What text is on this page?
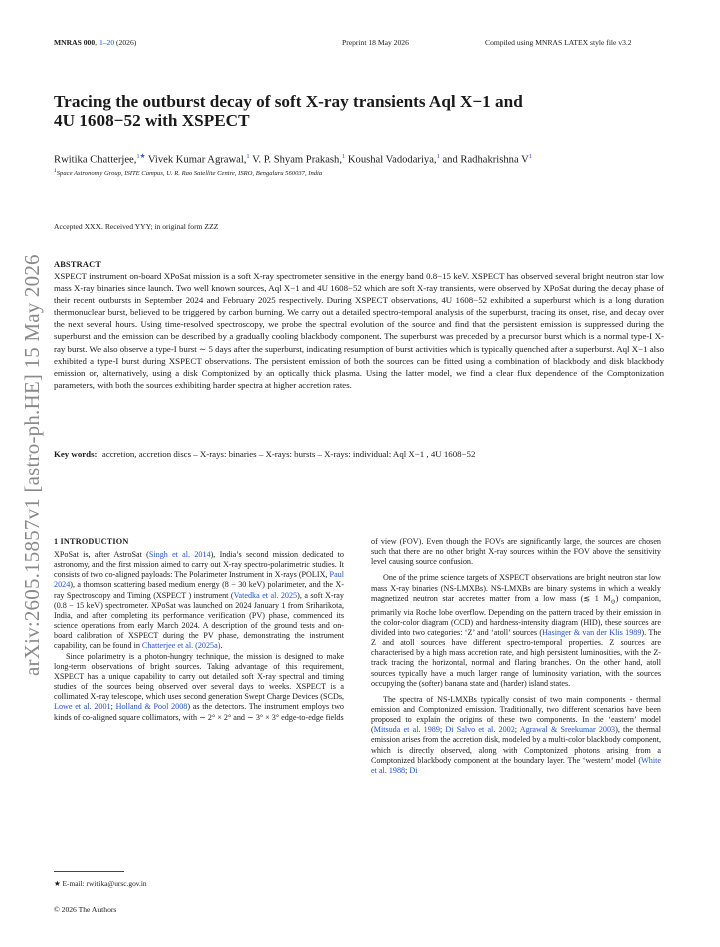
MNRAS 000, 1–20 (2026)	Preprint 18 May 2026	Compiled using MNRAS LATEX style file v3.2
arXiv:2605.15857v1 [astro-ph.HE] 15 May 2026
Tracing the outburst decay of soft X-ray transients Aql X−1 and
4U 1608−52 with XSPECT
Rwitika Chatterjee,$^{1★}$ Vivek Kumar Agrawal,$^1$ V. P. Shyam Prakash,$^1$ Koushal Vadodariya,$^1$ and Radhakrishna $V^1$
$^1$Space Astronomy Group, ISITE Campus, U. R. Rao Satellite Centre, ISRO, Bengaluru 560037, India
Accepted XXX. Received YYY; in original form ZZZ
ABSTRACT

XSPECT instrument on-board XPoSat mission is a soft X-ray spectrometer sensitive in the energy band 0.8−15 keV. XSPECT has observed several bright neutron star low mass X-ray binaries since launch. Two well known sources, Aql X−1 and 4U 1608−52 which are soft X-ray transients, were observed by XPoSat during the decay phase of their recent outbursts in September 2024 and February 2025 respectively. During XSPECT observations, 4U 1608−52 exhibited a superburst which is a long duration thermonuclear burst, believed to be triggered by carbon burning. We carry out a detailed spectro-temporal analysis of the superburst, tracing its onset, rise, and decay over the next several hours. Using time-resolved spectroscopy, we probe the spectral evolution of the source and find that the persistent emission is suppressed during the superburst and the emission can be described by a gradually cooling blackbody component. The superburst was preceded by a precursor burst which is a normal type-I X-ray burst. We also observe a type-I burst ∼ 5 days after the superburst, indicating resumption of burst activities which is typically quenched after a superburst. Aql X−1 also exhibited a type-I burst during XSPECT observations. The persistent emission of both the sources can be fitted using a combination of blackbody and disk blackbody emission or, alternatively, using a disk Comptonized by an optically thick plasma. Using the latter model, we find a clear flux dependence of the Comptonization parameters, with both the sources exhibiting harder spectra at higher accretion rates.

Key words: accretion, accretion discs – X-rays: binaries – X-rays: bursts – X-rays: individual: Aql X−1 , 4U 1608−52
1 INTRODUCTION

XPoSat is, after AstroSat (Singh et al. 2014), India’s second mission dedicated to astronomy, and the first mission aimed to carry out X-ray spectro-polarimetric studies. It consists of two co-aligned payloads: The Polarimeter Instrument in X-rays (POLIX, Paul 2024), a thomson scattering based medium energy (8 − 30 keV) polarimeter, and the X-ray Spectroscopy and Timing (XSPECT ) instrument (Vatedka et al. 2025), a soft X-ray (0.8 − 15 keV) spectrometer. XPoSat was launched on 2024 January 1 from Sriharikota, India, and after completing its performance verification (PV) phase, commenced its science operations from early March 2024. A description of the ground tests and on-board calibration of XSPECT during the PV phase, demonstrating the instrument capability, can be found in Chatterjee et al. (2025a).

Since polarimetry is a photon-hungry technique, the mission is designed to make long-term observations of bright sources. Taking advantage of this requirement, XSPECT has a unique capability to carry out detailed soft X-ray spectral and timing studies of the sources being observed over several days to weeks. XSPECT is a collimated X-ray telescope, which uses second generation Swept Charge Devices (SCDs, Lowe et al. 2001; Holland & Pool 2008) as the detectors. The instrument employs two kinds of co-aligned square collimators, with ∼ 2° × 2° and ∼ 3° × 3° edge-to-edge fields

of view (FOV). Even though the FOVs are significantly large, the sources are chosen such that there are no other bright X-ray sources within the FOV above the sensitivity level causing source confusion.

One of the prime science targets of XSPECT observations are bright neutron star low mass X-ray binaries (NS-LMXBs). NS-LMXBs are binary systems in which a weakly magnetized neutron star accretes matter from a low mass (≲ 1 $M_⊙$) companion, primarily via Roche lobe overflow. Depending on the pattern traced by their emission in the color-color diagram (CCD) and hardness-intensity diagram (HID), these sources are divided into two categories: ‘Z’ and ‘atoll’ sources (Hasinger & van der Klis 1989). The Z and atoll sources have different spectro-temporal properties. Z sources are characterised by a high mass accretion rate, and high persistent luminosities, with the Z-track tracing the horizontal, normal and flaring branches. On the other hand, atoll sources typically have a much larger range of luminosity variation, with the sources occupying the (softer) banana state and (harder) island states.

The spectra of NS-LMXBs typically consist of two main components - thermal emission and Comptonized emission. Traditionally, two different scenarios have been proposed to explain the origins of these two components. In the ‘eastern’ model (Mitsuda et al. 1989; Di Salvo et al. 2002; Agrawal & Sreekumar 2003), the thermal emission arises from the accretion disk, modeled by a multi-color blackbody component, which is directly observed, along with Comptonized photons arising from a Comptonized blackbody component at the boundary layer. The ‘western’ model (White et al. 1988; Di

★ E-mail: rwitika@ursc.gov.in
© 2026 The Authors
